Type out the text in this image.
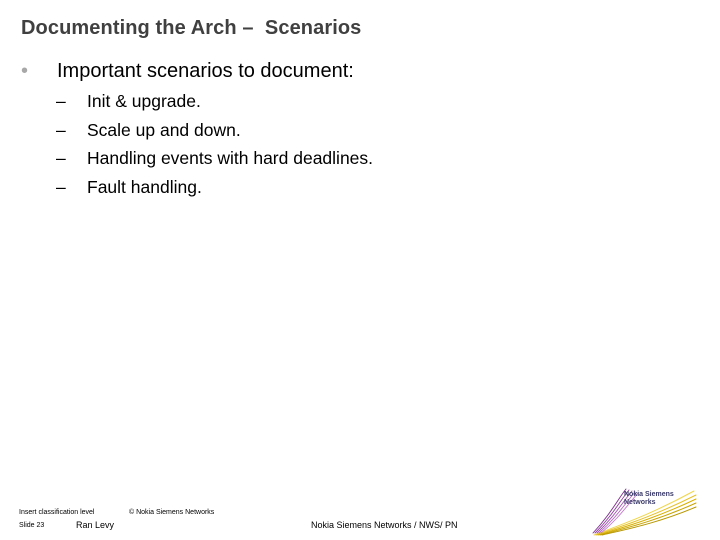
Documenting the Arch –  Scenarios
•	Important scenarios to document:
–	Init & upgrade.
–	Scale up and down.
–	Handling events with hard deadlines.
–	Fault handling.
Insert classification level	© Nokia Siemens Networks
Slide 23	Ran Levy	Nokia Siemens Networks / NWS/ PN
Nokia Siemens
Networks
